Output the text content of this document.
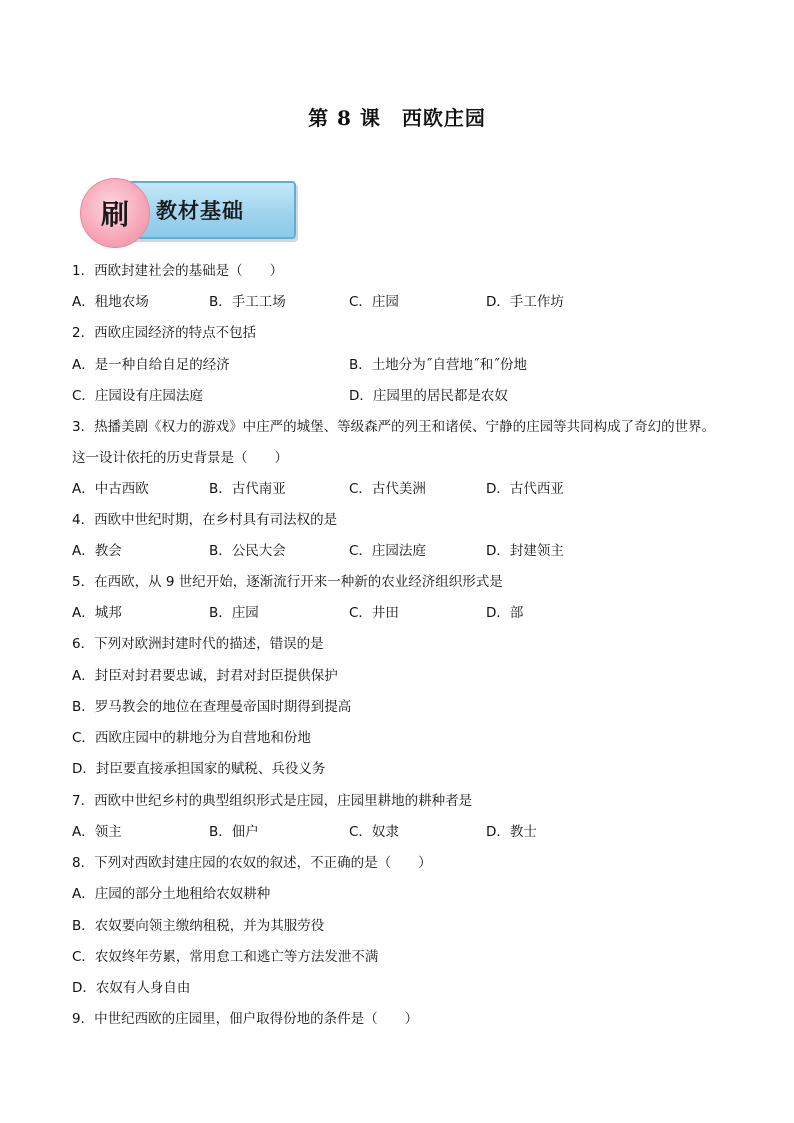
第 8 课　西欧庄园
教材基础
刷
1．西欧封建社会的基础是（　　）
A．租地农场	B．手工工场	C．庄园	D．手工作坊
2．西欧庄园经济的特点不包括
A．是一种自给自足的经济	B．土地分为˝自营地˝和˝份地
C．庄园设有庄园法庭	D．庄园里的居民都是农奴
3．热播美剧《权力的游戏》中庄严的城堡、等级森严的列王和诸侯、宁静的庄园等共同构成了奇幻的世界。
这一设计依托的历史背景是（　　）
A．中古西欧	B．古代南亚	C．古代美洲	D．古代西亚
4．西欧中世纪时期，在乡村具有司法权的是
A．教会	B．公民大会	C．庄园法庭	D．封建领主
5．在西欧，从 9 世纪开始，逐渐流行开来一种新的农业经济组织形式是
A．城邦	B．庄园	C．井田	D．部
6．下列对欧洲封建时代的描述，错误的是
A．封臣对封君要忠诚，封君对封臣提供保护
B．罗马教会的地位在查理曼帝国时期得到提高
C．西欧庄园中的耕地分为自营地和份地
D．封臣要直接承担国家的赋税、兵役义务
7．西欧中世纪乡村的典型组织形式是庄园，庄园里耕地的耕种者是
A．领主	B．佃户	C．奴隶	D．教士
8．下列对西欧封建庄园的农奴的叙述，不正确的是（　　）
A．庄园的部分土地租给农奴耕种
B．农奴要向领主缴纳租税，并为其服劳役
C．农奴终年劳累，常用怠工和逃亡等方法发泄不满
D．农奴有人身自由
9．中世纪西欧的庄园里，佃户取得份地的条件是（　　）
